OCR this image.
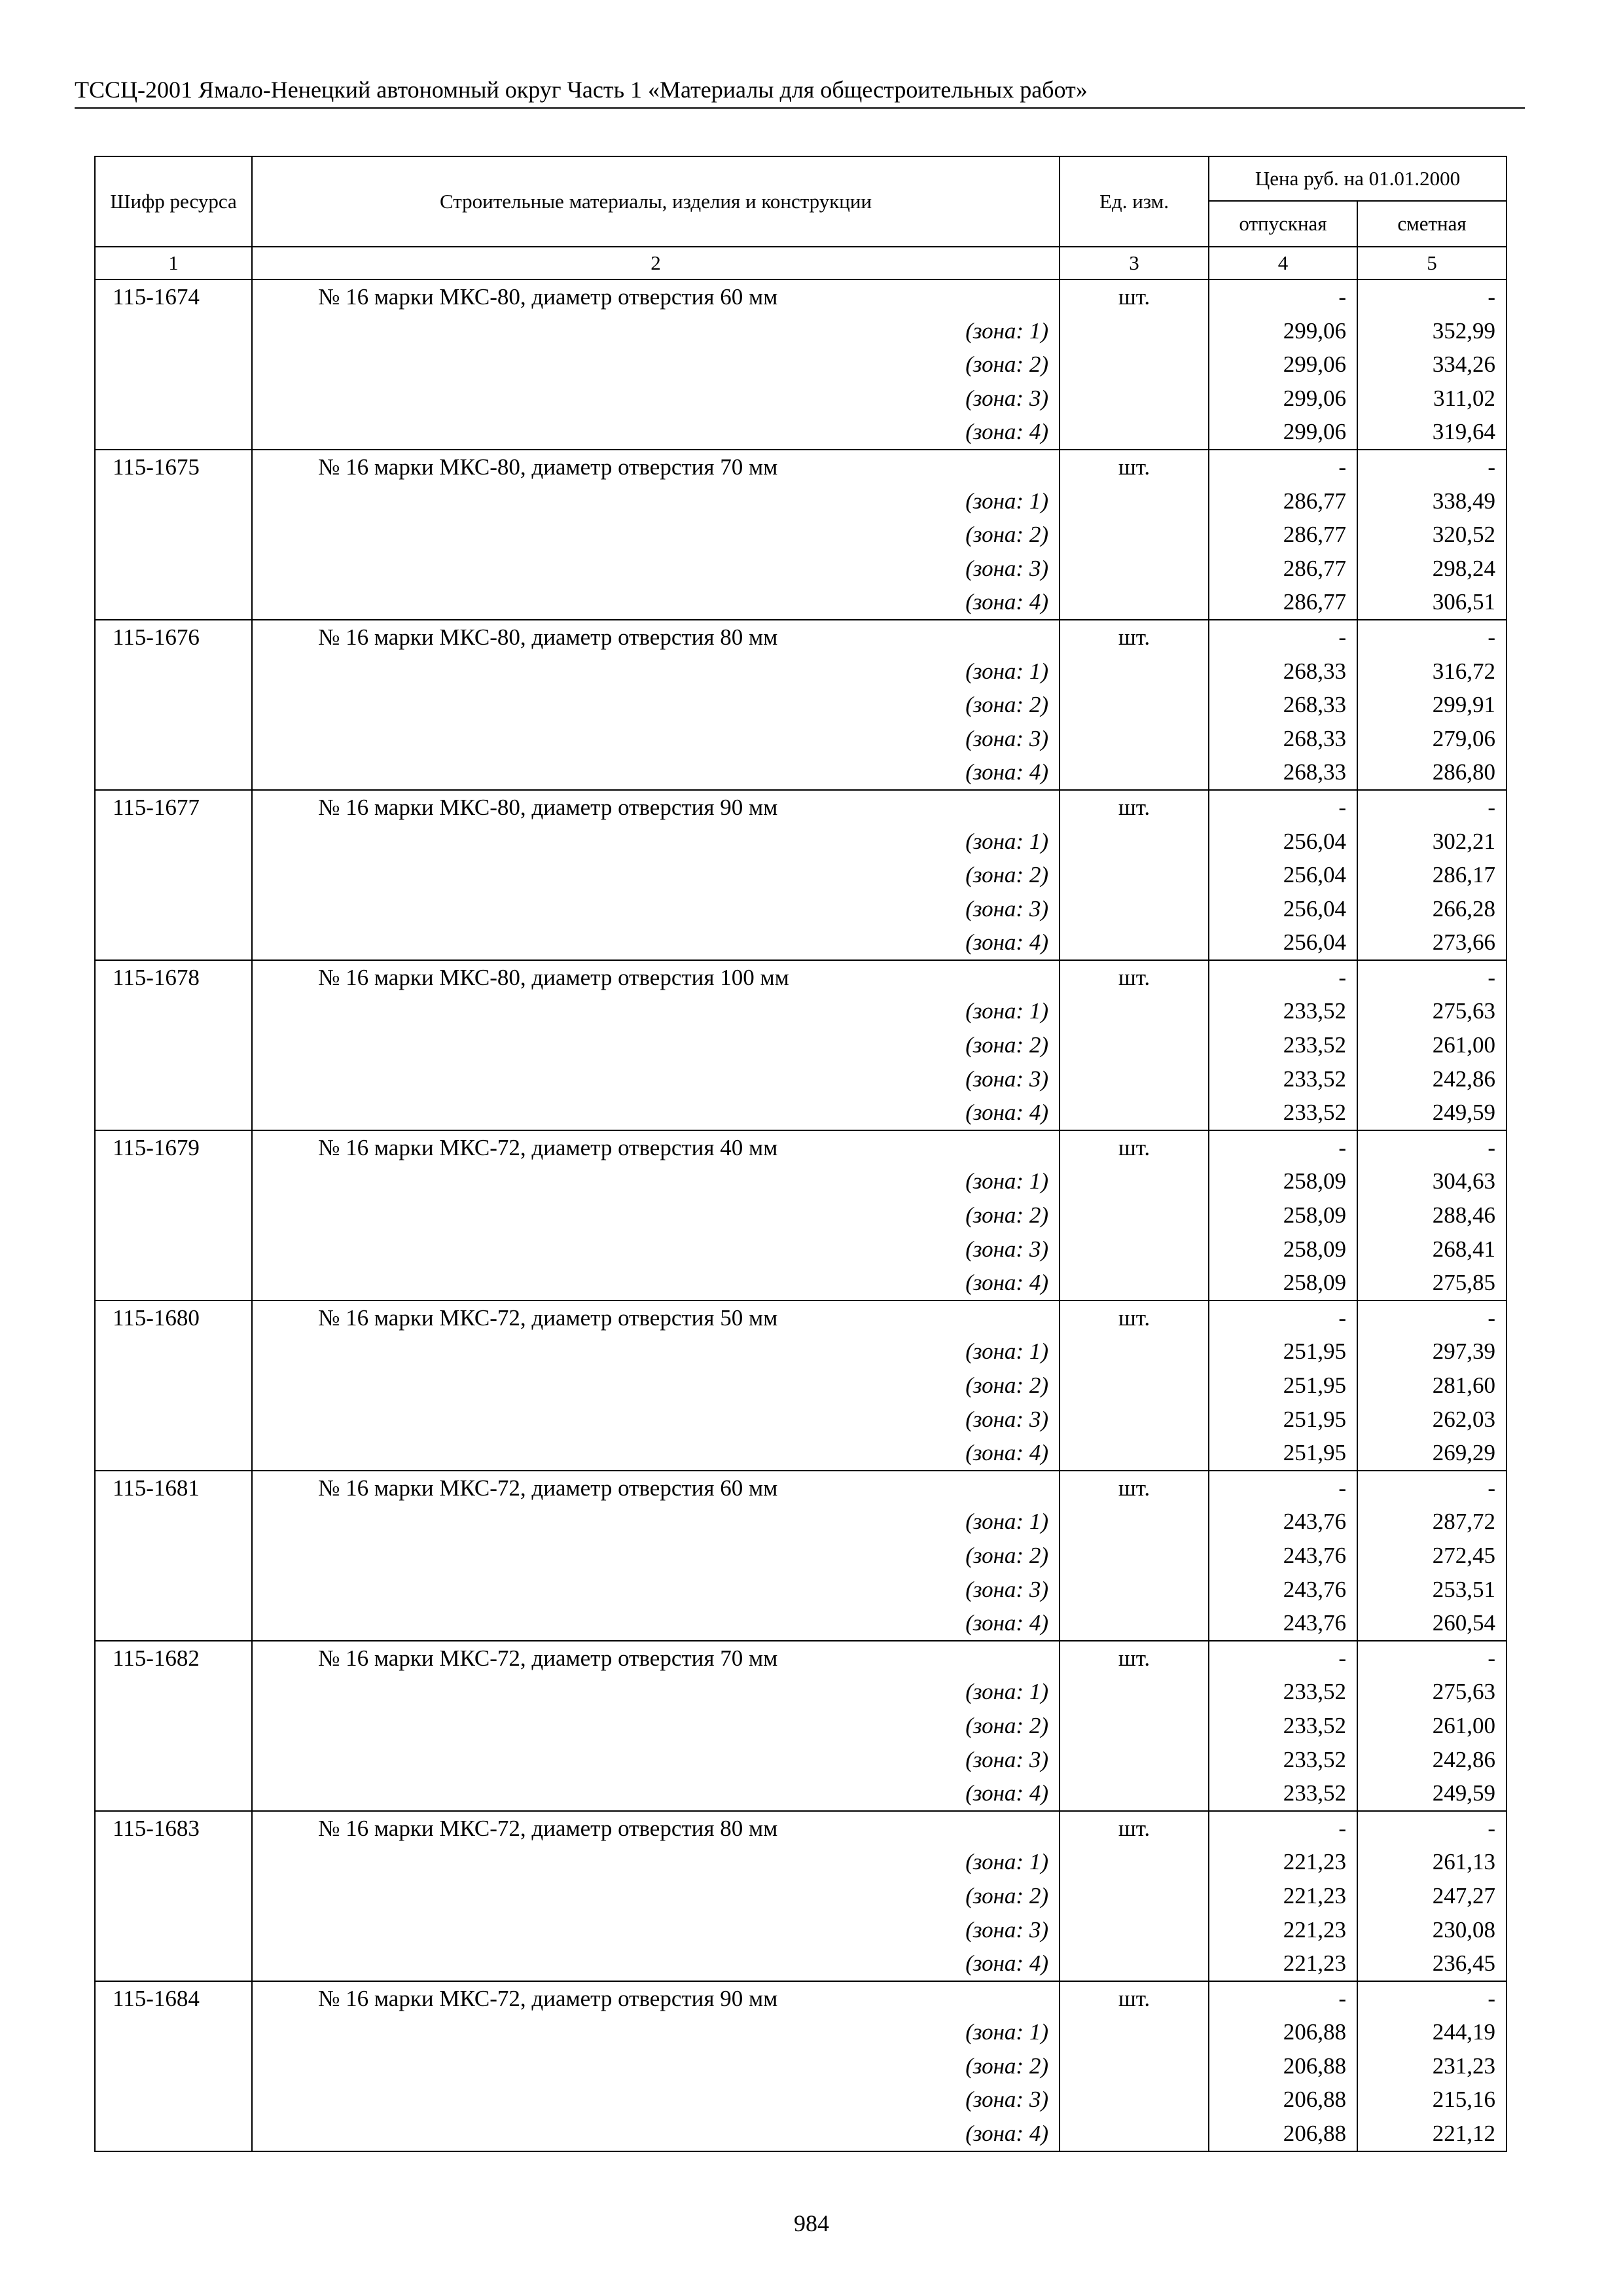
ТССЦ-2001 Ямало-Ненецкий автономный округ Часть 1 «Материалы для общестроительных работ»
Шифр ресурса	Строительные материалы, изделия и конструкции	Ед. изм.	Цена руб. на 01.01.2000	
			отпускная	сметная
1	2	3	4	5
115-1674	№ 16 марки МКС-80, диаметр отверстия 60 мм	шт.	-	-
	(зона: 1)		299,06	352,99
	(зона: 2)		299,06	334,26
	(зона: 3)		299,06	311,02
	(зона: 4)		299,06	319,64
115-1675	№ 16 марки МКС-80, диаметр отверстия 70 мм	шт.	-	-
	(зона: 1)		286,77	338,49
	(зона: 2)		286,77	320,52
	(зона: 3)		286,77	298,24
	(зона: 4)		286,77	306,51
115-1676	№ 16 марки МКС-80, диаметр отверстия 80 мм	шт.	-	-
	(зона: 1)		268,33	316,72
	(зона: 2)		268,33	299,91
	(зона: 3)		268,33	279,06
	(зона: 4)		268,33	286,80
115-1677	№ 16 марки МКС-80, диаметр отверстия 90 мм	шт.	-	-
	(зона: 1)		256,04	302,21
	(зона: 2)		256,04	286,17
	(зона: 3)		256,04	266,28
	(зона: 4)		256,04	273,66
115-1678	№ 16 марки МКС-80, диаметр отверстия 100 мм	шт.	-	-
	(зона: 1)		233,52	275,63
	(зона: 2)		233,52	261,00
	(зона: 3)		233,52	242,86
	(зона: 4)		233,52	249,59
115-1679	№ 16 марки МКС-72, диаметр отверстия 40 мм	шт.	-	-
	(зона: 1)		258,09	304,63
	(зона: 2)		258,09	288,46
	(зона: 3)		258,09	268,41
	(зона: 4)		258,09	275,85
115-1680	№ 16 марки МКС-72, диаметр отверстия 50 мм	шт.	-	-
	(зона: 1)		251,95	297,39
	(зона: 2)		251,95	281,60
	(зона: 3)		251,95	262,03
	(зона: 4)		251,95	269,29
115-1681	№ 16 марки МКС-72, диаметр отверстия 60 мм	шт.	-	-
	(зона: 1)		243,76	287,72
	(зона: 2)		243,76	272,45
	(зона: 3)		243,76	253,51
	(зона: 4)		243,76	260,54
115-1682	№ 16 марки МКС-72, диаметр отверстия 70 мм	шт.	-	-
	(зона: 1)		233,52	275,63
	(зона: 2)		233,52	261,00
	(зона: 3)		233,52	242,86
	(зона: 4)		233,52	249,59
115-1683	№ 16 марки МКС-72, диаметр отверстия 80 мм	шт.	-	-
	(зона: 1)		221,23	261,13
	(зона: 2)		221,23	247,27
	(зона: 3)		221,23	230,08
	(зона: 4)		221,23	236,45
115-1684	№ 16 марки МКС-72, диаметр отверстия 90 мм	шт.	-	-
	(зона: 1)		206,88	244,19
	(зона: 2)		206,88	231,23
	(зона: 3)		206,88	215,16
	(зона: 4)		206,88	221,12
984
